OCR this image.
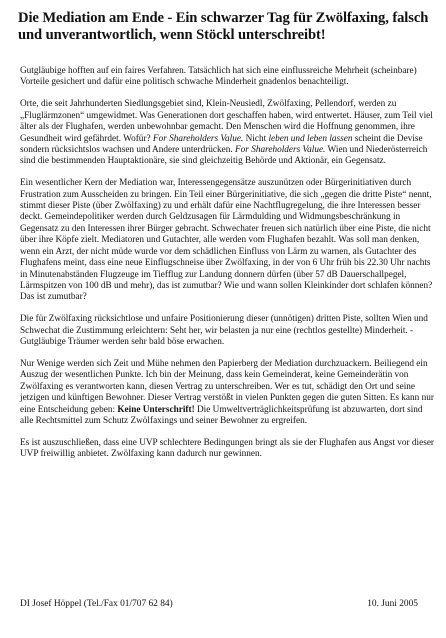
Die Mediation am Ende - Ein schwarzer Tag für Zwölfaxing, falsch und unverantwortlich, wenn Stöckl unterschreibt!

Gutgläubige hofften auf ein faires Verfahren. Tatsächlich hat sich eine einflussreiche Mehrheit (scheinbare) Vorteile gesichert und dafür eine politisch schwache Minderheit gnadenlos benachteiligt.

Orte, die seit Jahrhunderten Siedlungsgebiet sind, Klein-Neusiedl, Zwölfaxing, Pellendorf, werden zu „Fluglärmzonen“ umgewidmet. Was Generationen dort geschaffen haben, wird entwertet. Häuser, zum Teil viel älter als der Flughafen, werden unbewohnbar gemacht. Den Menschen wird die Hoffnung genommen, ihre Gesundheit wird gefährdet. Wofür? For Shareholders Value. Nicht leben und leben lassen scheint die Devise sondern rücksichtslos wachsen und Andere unterdrücken. For Shareholders Value. Wien und Niederösterreich sind die bestimmenden Hauptaktionäre, sie sind gleichzeitig Behörde und Aktionär, ein Gegensatz.

Ein wesentlicher Kern der Mediation war, Interessengegensätze auszunützen oder Bürgerinitiativen durch Frustration zum Ausscheiden zu bringen. Ein Teil einer Bürgerinitiative, die sich „gegen die dritte Piste“ nennt, stimmt dieser Piste (über Zwölfaxing) zu und erhält dafür eine Nachtflugregelung, die ihre Interessen besser deckt. Gemeindepolitiker werden durch Geldzusagen für Lärmdulding und Widmungsbeschränkung in Gegensatz zu den Interessen ihrer Bürger gebracht. Schwechater freuen sich natürlich über eine Piste, die nicht über ihre Köpfe zielt. Mediatoren und Gutachter, alle werden vom Flughafen bezahlt. Was soll man denken, wenn ein Arzt, der nicht müde wurde vor dem schädlichen Einfluss von Lärm zu warnen, als Gutachter des Flughafens meint, dass eine neue Einflugschneise über Zwölfaxing, in der von 6 Uhr früh bis 22.30 Uhr nachts in Minutenabständen Flugzeuge im Tiefflug zur Landung donnern dürfen (über 57 dB Dauerschallpegel, Lärmspitzen von 100 dB und mehr), das ist zumutbar? Wie und wann sollen Kleinkinder dort schlafen können? Das ist zumutbar?

Die für Zwölfaxing rücksichtlose und unfaire Positionierung dieser (unnötigen) dritten Piste, sollten Wien und Schwechat die Zustimmung erleichtern: Seht her, wir belasten ja nur eine (rechtlos gestellte) Minderheit. - Gutgläubige Träumer werden sehr bald böse erwachen.

Nur Wenige werden sich Zeit und Mühe nehmen den Papierberg der Mediation durchzuackern. Beiliegend ein Auszug der wesentlichen Punkte. Ich bin der Meinung, dass kein Gemeinderat, keine Gemeinderätin von Zwölfaxing es verantworten kann, diesen Vertrag zu unterschreiben. Wer es tut, schädigt den Ort und seine jetzigen und künftigen Bewohner. Dieser Vertrag verstößt in vielen Punkten gegen die guten Sitten. Es kann nur eine Entscheidung geben: Keine Unterschrift! Die Umweltverträglichkeitsprüfung ist abzuwarten, dort sind alle Rechtsmittel zum Schutz Zwölfaxings und seiner Bewohner zu ergreifen.

Es ist auszuschließen, dass eine UVP schlechtere Bedingungen bringt als sie der Flughafen aus Angst vor dieser UVP freiwillig anbietet. Zwölfaxing kann dadurch nur gewinnen.

DI Josef Höppel (Tel./Fax 01/707 62 84)	10. Juni 2005
